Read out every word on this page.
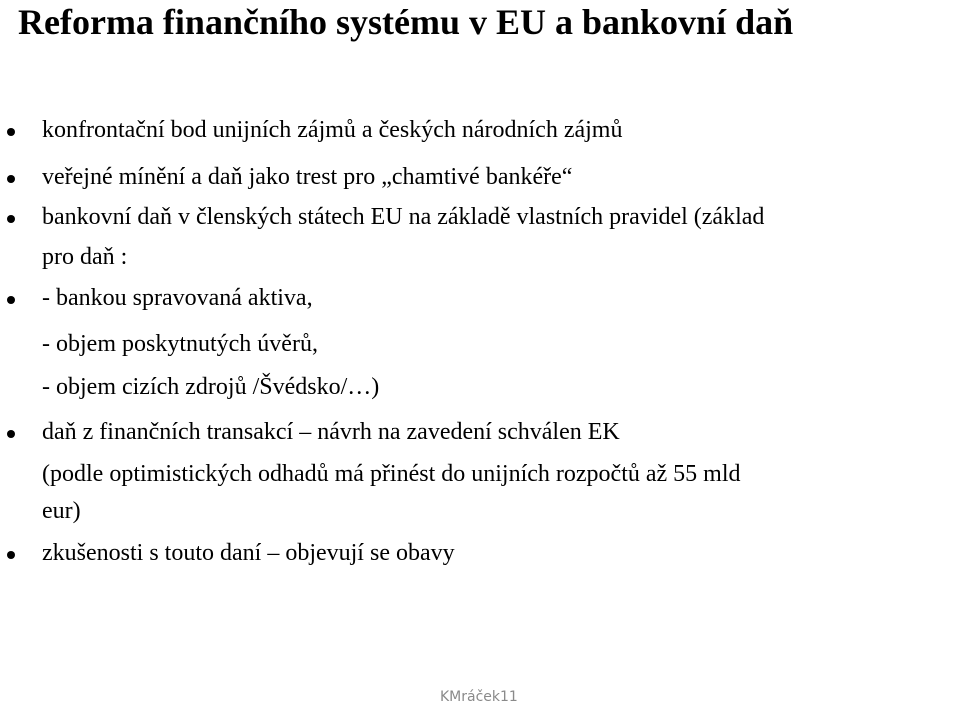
Reforma finančního systému v EU a bankovní daň
konfrontační bod unijních zájmů a českých národních zájmů
veřejné mínění a daň jako trest pro „chamtivé bankéře“
bankovní daň v členských státech EU na základě vlastních pravidel (základ
pro daň :
- bankou spravovaná aktiva,
- objem poskytnutých úvěrů,
- objem cizích zdrojů /Švédsko/…)
daň z finančních transakcí – návrh na zavedení schválen EK
(podle optimistických odhadů má přinést do unijních rozpočtů až 55 mld
eur)
zkušenosti s touto daní – objevují se obavy
KMráček11
